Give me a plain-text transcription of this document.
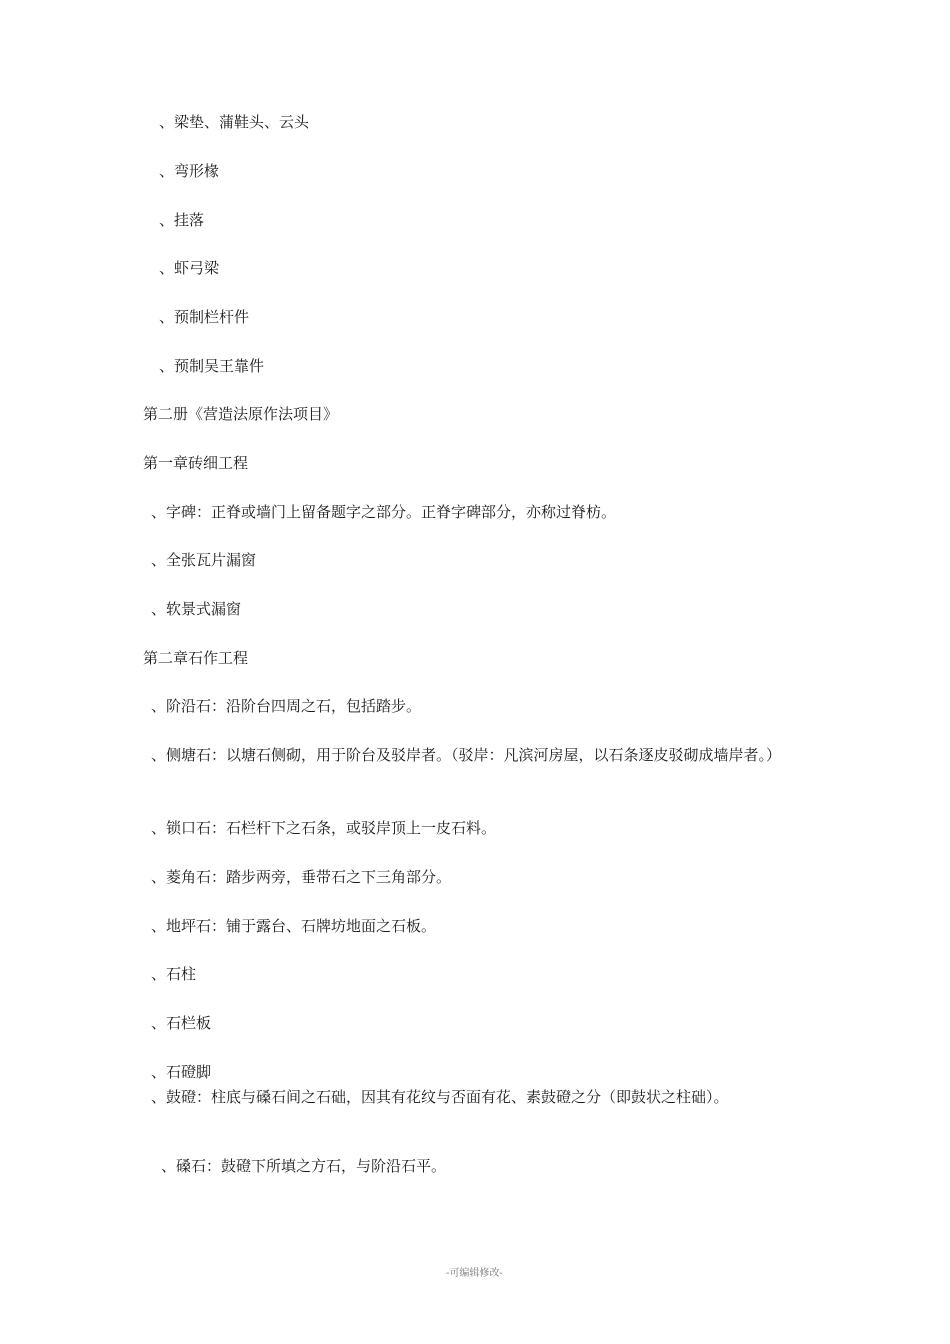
、梁垫、蒲鞋头、云头
、弯形椽
、挂落
、虾弓梁
、预制栏杆件
、预制吴王靠件
第二册《营造法原作法项目》
第一章砖细工程
、字碑：正脊或墙门上留备题字之部分。正脊字碑部分，亦称过脊枋。
、全张瓦片漏窗
、软景式漏窗
第二章石作工程
、阶沿石：沿阶台四周之石，包括踏步。
、侧塘石：以塘石侧砌，用于阶台及驳岸者。（驳岸：凡滨河房屋，以石条逐皮驳砌成墙岸者。）
、锁口石：石栏杆下之石条，或驳岸顶上一皮石料。
、菱角石：踏步两旁，垂带石之下三角部分。
、地坪石：铺于露台、石牌坊地面之石板。
、石柱
、石栏板
、石磴脚
、鼓磴：柱底与磉石间之石础，因其有花纹与否面有花、素鼓磴之分（即鼓状之柱础）。
、磉石：鼓磴下所填之方石，与阶沿石平。
-可编辑修改-
